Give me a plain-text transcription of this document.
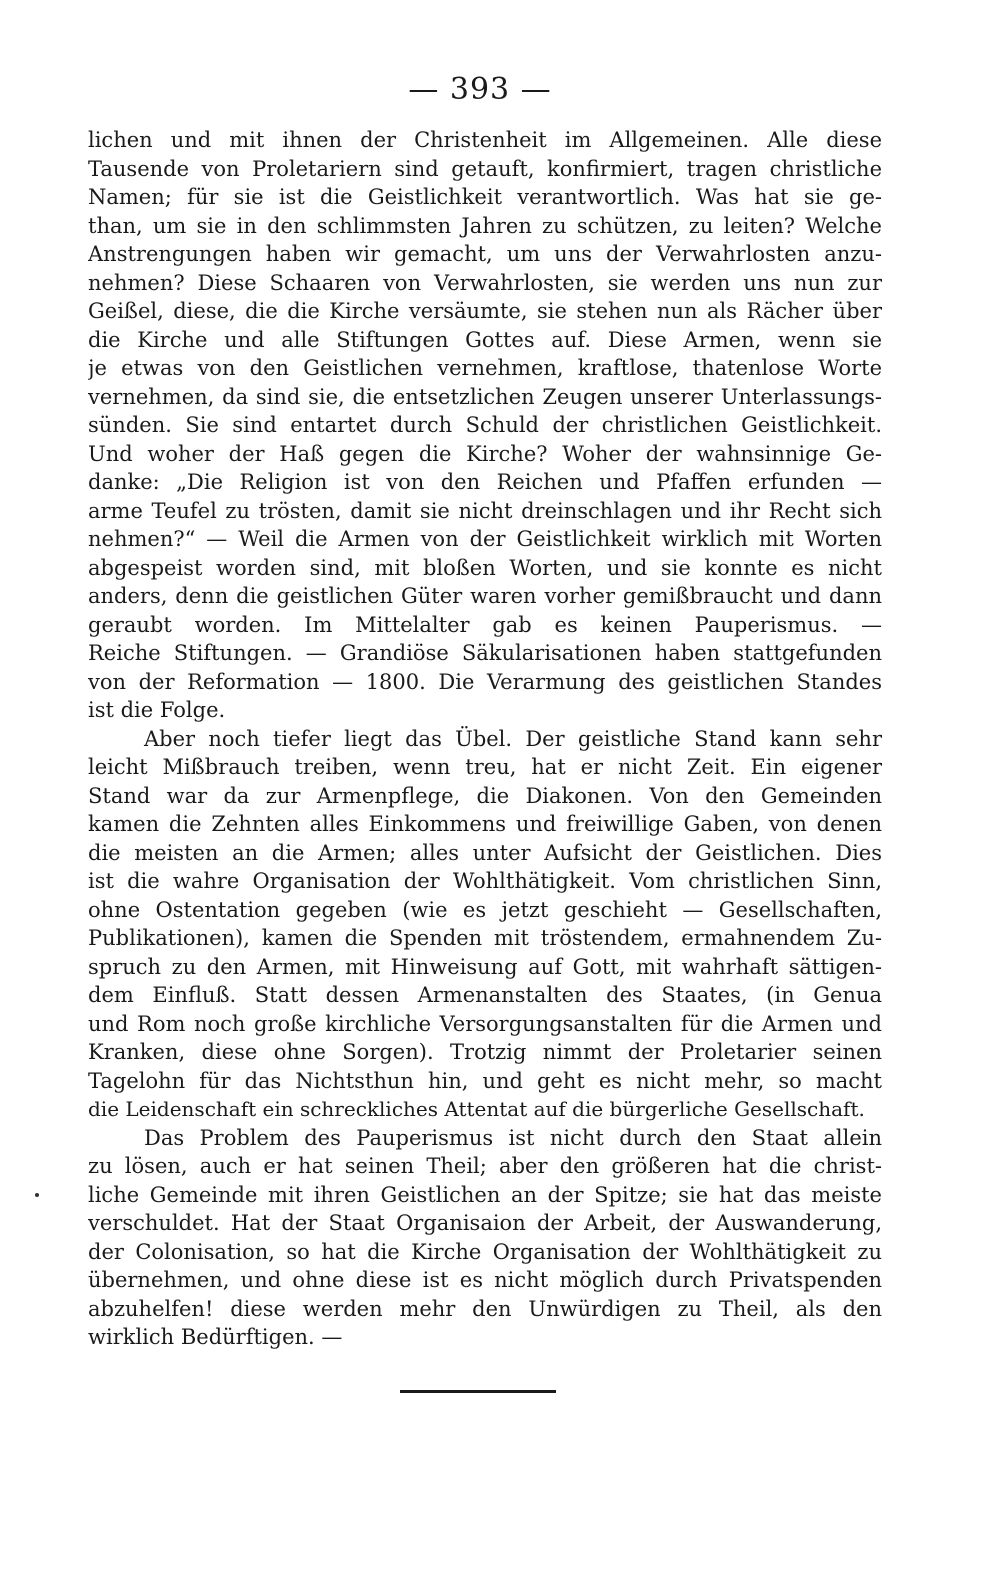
— 393 —
lichen und mit ihnen der Christenheit im Allgemeinen. Alle diese
Tausende von Proletariern sind getauft, konfirmiert, tragen christliche
Namen; für sie ist die Geistlichkeit verantwortlich. Was hat sie ge-
than, um sie in den schlimmsten Jahren zu schützen, zu leiten? Welche
Anstrengungen haben wir gemacht, um uns der Verwahrlosten anzu-
nehmen? Diese Schaaren von Verwahrlosten, sie werden uns nun zur
Geißel, diese, die die Kirche versäumte, sie stehen nun als Rächer über
die Kirche und alle Stiftungen Gottes auf. Diese Armen, wenn sie
je etwas von den Geistlichen vernehmen, kraftlose, thatenlose Worte
vernehmen, da sind sie, die entsetzlichen Zeugen unserer Unterlassungs-
sünden. Sie sind entartet durch Schuld der christlichen Geistlichkeit.
Und woher der Haß gegen die Kirche? Woher der wahnsinnige Ge-
danke: „Die Religion ist von den Reichen und Pfaffen erfunden —
arme Teufel zu trösten, damit sie nicht dreinschlagen und ihr Recht sich
nehmen?“ — Weil die Armen von der Geistlichkeit wirklich mit Worten
abgespeist worden sind, mit bloßen Worten, und sie konnte es nicht
anders, denn die geistlichen Güter waren vorher gemißbraucht und dann
geraubt worden. Im Mittelalter gab es keinen Pauperismus. —
Reiche Stiftungen. — Grandiöse Säkularisationen haben stattgefunden
von der Reformation — 1800. Die Verarmung des geistlichen Standes
ist die Folge.
Aber noch tiefer liegt das Übel. Der geistliche Stand kann sehr
leicht Mißbrauch treiben, wenn treu, hat er nicht Zeit. Ein eigener
Stand war da zur Armenpflege, die Diakonen. Von den Gemeinden
kamen die Zehnten alles Einkommens und freiwillige Gaben, von denen
die meisten an die Armen; alles unter Aufsicht der Geistlichen. Dies
ist die wahre Organisation der Wohlthätigkeit. Vom christlichen Sinn,
ohne Ostentation gegeben (wie es jetzt geschieht — Gesellschaften,
Publikationen), kamen die Spenden mit tröstendem, ermahnendem Zu-
spruch zu den Armen, mit Hinweisung auf Gott, mit wahrhaft sättigen-
dem Einfluß. Statt dessen Armenanstalten des Staates, (in Genua
und Rom noch große kirchliche Versorgungsanstalten für die Armen und
Kranken, diese ohne Sorgen). Trotzig nimmt der Proletarier seinen
Tagelohn für das Nichtsthun hin, und geht es nicht mehr, so macht
die Leidenschaft ein schreckliches Attentat auf die bürgerliche Gesellschaft.
Das Problem des Pauperismus ist nicht durch den Staat allein
zu lösen, auch er hat seinen Theil; aber den größeren hat die christ-
liche Gemeinde mit ihren Geistlichen an der Spitze; sie hat das meiste
verschuldet. Hat der Staat Organisaion der Arbeit, der Auswanderung,
der Colonisation, so hat die Kirche Organisation der Wohlthätigkeit zu
übernehmen, und ohne diese ist es nicht möglich durch Privatspenden
abzuhelfen! diese werden mehr den Unwürdigen zu Theil, als den
wirklich Bedürftigen. —
